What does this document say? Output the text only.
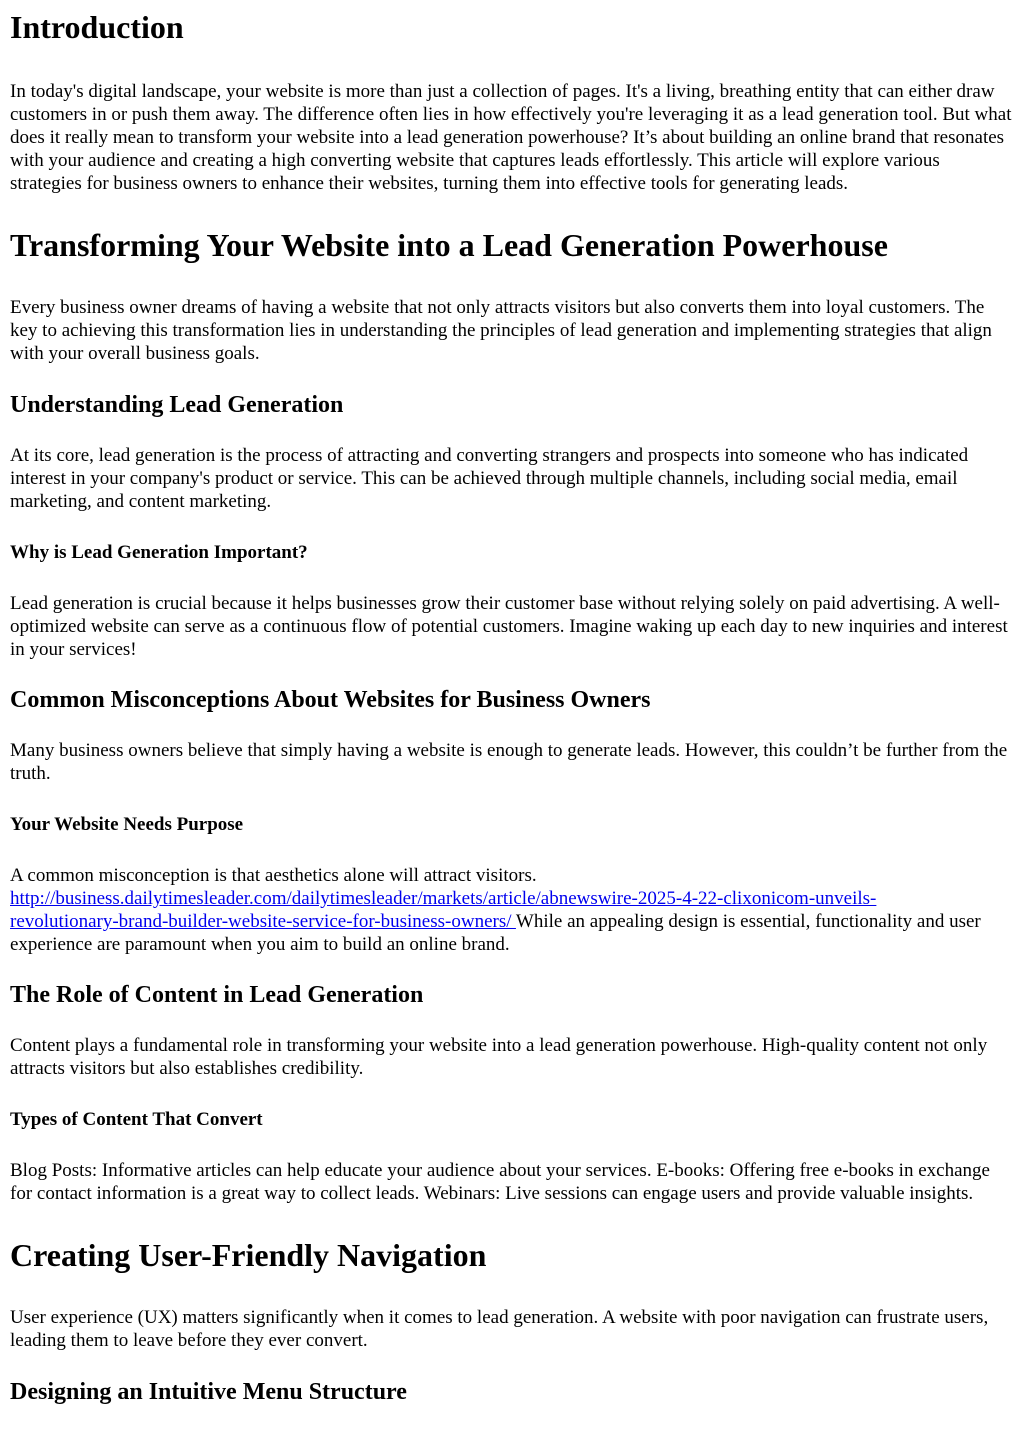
Introduction

In today's digital landscape, your website is more than just a collection of pages. It's a living, breathing entity that can either draw customers in or push them away. The difference often lies in how effectively you're leveraging it as a lead generation tool. But what does it really mean to transform your website into a lead generation powerhouse? It’s about building an online brand that resonates with your audience and creating a high converting website that captures leads effortlessly. This article will explore various strategies for business owners to enhance their websites, turning them into effective tools for generating leads.

Transforming Your Website into a Lead Generation Powerhouse

Every business owner dreams of having a website that not only attracts visitors but also converts them into loyal customers. The key to achieving this transformation lies in understanding the principles of lead generation and implementing strategies that align with your overall business goals.

Understanding Lead Generation

At its core, lead generation is the process of attracting and converting strangers and prospects into someone who has indicated interest in your company's product or service. This can be achieved through multiple channels, including social media, email marketing, and content marketing.

Why is Lead Generation Important?

Lead generation is crucial because it helps businesses grow their customer base without relying solely on paid advertising. A well-optimized website can serve as a continuous flow of potential customers. Imagine waking up each day to new inquiries and interest in your services!

Common Misconceptions About Websites for Business Owners

Many business owners believe that simply having a website is enough to generate leads. However, this couldn’t be further from the truth.

Your Website Needs Purpose

A common misconception is that aesthetics alone will attract visitors.
http://business.dailytimesleader.com/dailytimesleader/markets/article/abnewswire-2025-4-22-clixonicom-unveils-
revolutionary-brand-builder-website-service-for-business-owners/ While an appealing design is essential, functionality and user experience are paramount when you aim to build an online brand.

The Role of Content in Lead Generation

Content plays a fundamental role in transforming your website into a lead generation powerhouse. High-quality content not only attracts visitors but also establishes credibility.

Types of Content That Convert

Blog Posts: Informative articles can help educate your audience about your services. E-books: Offering free e-books in exchange for contact information is a great way to collect leads. Webinars: Live sessions can engage users and provide valuable insights.

Creating User-Friendly Navigation

User experience (UX) matters significantly when it comes to lead generation. A website with poor navigation can frustrate users, leading them to leave before they ever convert.

Designing an Intuitive Menu Structure
